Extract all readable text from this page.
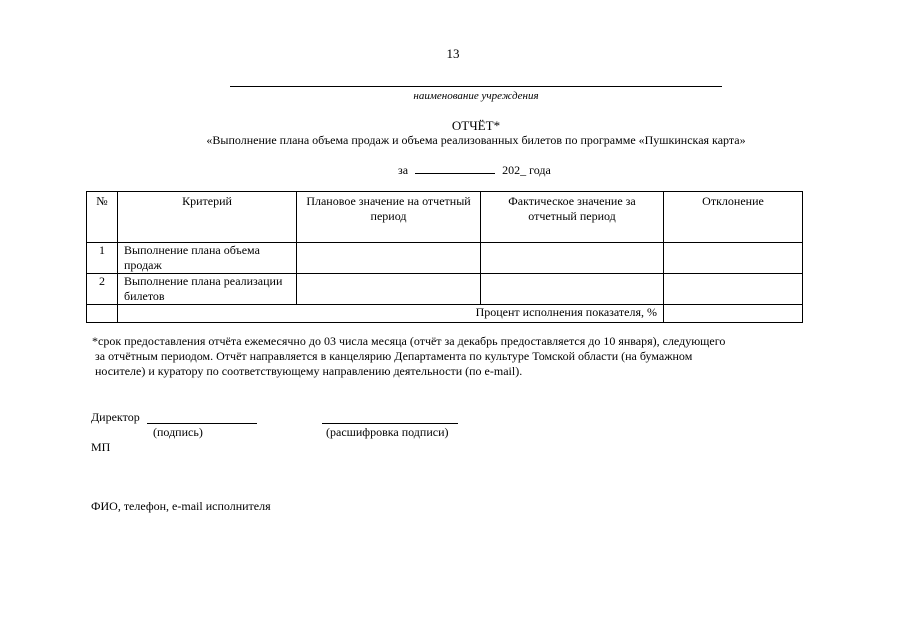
13
наименование учреждения
ОТЧЁТ*
«Выполнение плана объема продаж и объема реализованных билетов по программе «Пушкинская карта»
за	202_ года
№	Критерий	Плановое значение на отчетный период	Фактическое значение за отчетный период	Отклонение
1	Выполнение плана объема продаж			
2	Выполнение плана реализации билетов			
	Процент исполнения показателя, %			

*срок предоставления отчёта ежемесячно до 03 числа месяца (отчёт за декабрь предоставляется до 10 января), следующего

за отчётным периодом. Отчёт направляется в канцелярию Департамента по культуре Томской области (на бумажном

носителе) и куратору по соответствующему направлению деятельности (по e-mail).

Директор
(подпись)	(расшифровка подписи)
МП
ФИО, телефон, e-mail исполнителя
